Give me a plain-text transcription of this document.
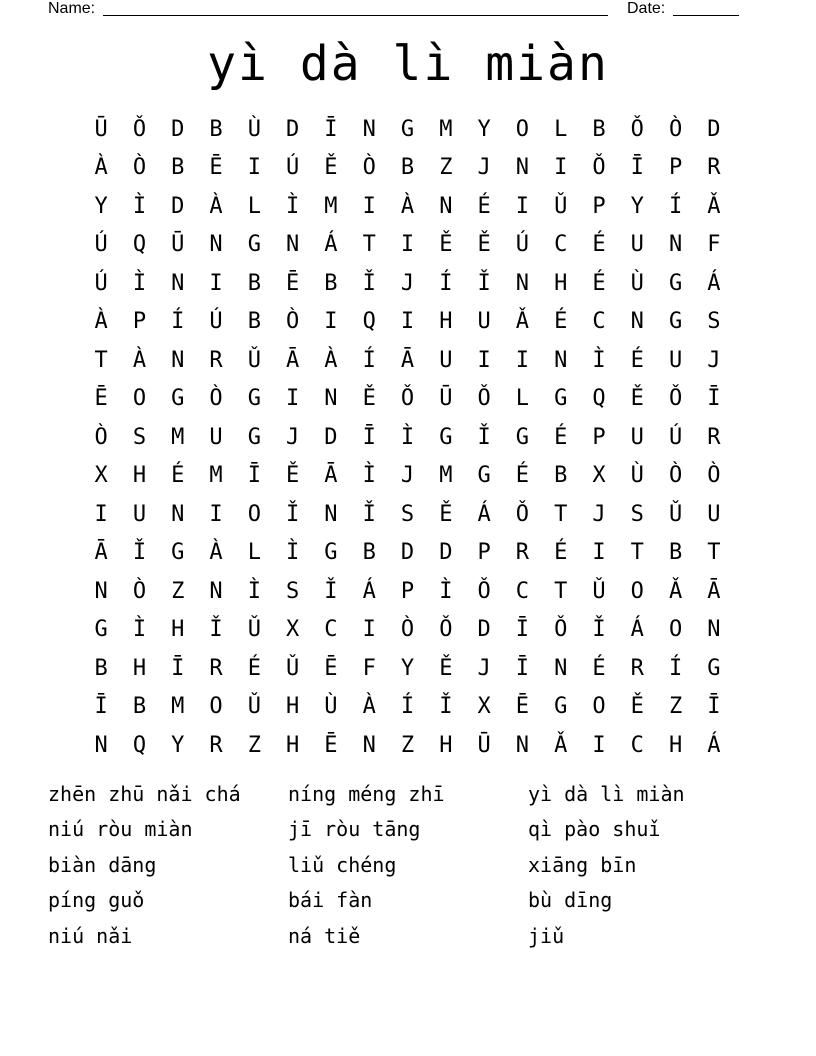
Name:	Date:
yì dà lì miàn
Ū	Ǒ	D	B	Ù	D	Ī	N	G	M	Y	O	L	B	Ǒ	Ò	D
À	Ò	B	Ē	I	Ú	Ě	Ò	B	Z	J	N	I	Ǒ	Ī	P	R
Y	Ì	D	À	L	Ì	M	I	À	N	É	I	Ǔ	P	Y	Í	Ǎ
Ú	Q	Ū	N	G	N	Á	T	I	Ě	Ě	Ú	C	É	U	N	F
Ú	Ì	N	I	B	Ē	B	Ǐ	J	Í	Ǐ	N	H	É	Ù	G	Á
À	P	Í	Ú	B	Ò	I	Q	I	H	U	Ǎ	É	C	N	G	S
T	À	N	R	Ǔ	Ā	À	Í	Ā	U	I	I	N	Ì	É	U	J
Ē	O	G	Ò	G	I	N	Ě	Ǒ	Ū	Ǒ	L	G	Q	Ě	Ǒ	Ī
Ò	S	M	U	G	J	D	Ī	Ì	G	Ǐ	G	É	P	U	Ú	R
X	H	É	M	Ī	Ě	Ā	Ì	J	M	G	É	B	X	Ù	Ò	Ò
I	U	N	I	O	Ǐ	N	Ǐ	S	Ě	Á	Ǒ	T	J	S	Ǔ	U
Ā	Ǐ	G	À	L	Ì	G	B	D	D	P	R	É	I	T	B	T
N	Ò	Z	N	Ì	S	Ǐ	Á	P	Ì	Ǒ	C	T	Ǔ	O	Ǎ	Ā
G	Ì	H	Ǐ	Ǔ	X	C	I	Ò	Ǒ	D	Ī	Ǒ	Ǐ	Á	O	N
B	H	Ī	R	É	Ǔ	Ē	F	Y	Ě	J	Ī	N	É	R	Í	G
Ī	B	M	O	Ǔ	H	Ù	À	Í	Ǐ	X	Ē	G	O	Ě	Z	Ī
N	Q	Y	R	Z	H	Ē	N	Z	H	Ū	N	Ǎ	I	C	H	Á
zhēn zhū nǎi chá	níng méng zhī	yì dà lì miàn
niú ròu miàn	jī ròu tāng	qì pào shuǐ
biàn dāng	liǔ chéng	xiāng bīn
píng guǒ	bái fàn	bù dīng
niú nǎi	ná tiě	jiǔ
